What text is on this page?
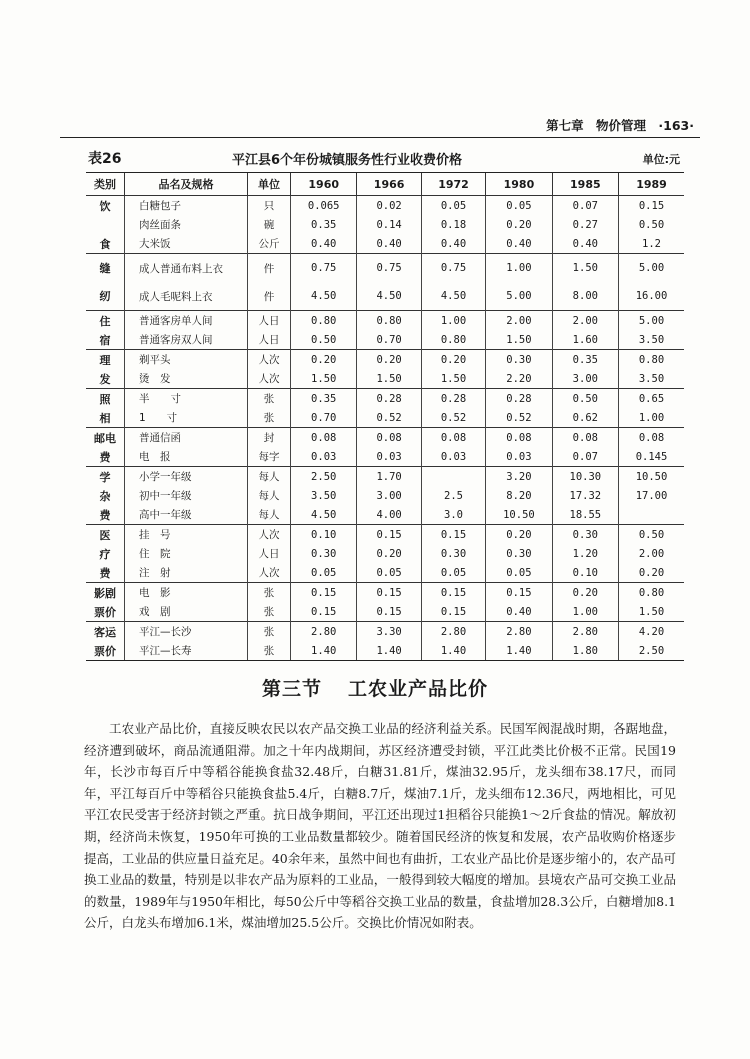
第七章 物价管理 ·163·
表26	平江县6个年份城镇服务性行业收费价格	单位:元
类别	品名及规格	单位	1960	1966	1972	1980	1985	1989
饮	白糖包子	只	0.065	0.02	0.05	0.05	0.07	0.15
	肉丝面条	碗	0.35	0.14	0.18	0.20	0.27	0.50
食	大米饭	公斤	0.40	0.40	0.40	0.40	0.40	1.2
缝	成人普通布料上衣	件	0.75	0.75	0.75	1.00	1.50	5.00
纫	成人毛呢料上衣	件	4.50	4.50	4.50	5.00	8.00	16.00
住	普通客房单人间	人日	0.80	0.80	1.00	2.00	2.00	5.00
宿	普通客房双人间	人日	0.50	0.70	0.80	1.50	1.60	3.50
理	剃平头	人次	0.20	0.20	0.20	0.30	0.35	0.80
发	烫　发	人次	1.50	1.50	1.50	2.20	3.00	3.50
照	半　　寸	张	0.35	0.28	0.28	0.28	0.50	0.65
相	1　　寸	张	0.70	0.52	0.52	0.52	0.62	1.00
邮电	普通信函	封	0.08	0.08	0.08	0.08	0.08	0.08
费	电　报	每字	0.03	0.03	0.03	0.03	0.07	0.145
学	小学一年级	每人	2.50	1.70		3.20	10.30	10.50
杂	初中一年级	每人	3.50	3.00	2.5	8.20	17.32	17.00
费	高中一年级	每人	4.50	4.00	3.0	10.50	18.55	
医	挂　号	人次	0.10	0.15	0.15	0.20	0.30	0.50
疗	住　院	人日	0.30	0.20	0.30	0.30	1.20	2.00
费	注　射	人次	0.05	0.05	0.05	0.05	0.10	0.20
影剧	电　影	张	0.15	0.15	0.15	0.15	0.20	0.80
票价	戏　剧	张	0.15	0.15	0.15	0.40	1.00	1.50
客运	平江—长沙	张	2.80	3.30	2.80	2.80	2.80	4.20
票价	平江—长寿	张	1.40	1.40	1.40	1.40	1.80	2.50
第三节 工农业产品比价

工农业产品比价，直接反映农民以农产品交换工业品的经济利益关系。民国军阀混战时期，各踞地盘，经济遭到破坏，商品流通阻滞。加之十年内战期间，苏区经济遭受封锁，平江此类比价极不正常。民国19年，长沙市每百斤中等稻谷能换食盐32.48斤，白糖31.81斤，煤油32.95斤，龙头细布38.17尺，而同年，平江每百斤中等稻谷只能换食盐5.4斤，白糖8.7斤，煤油7.1斤，龙头细布12.36尺，两地相比，可见平江农民受害于经济封锁之严重。抗日战争期间，平江还出现过1担稻谷只能换1～2斤食盐的情况。解放初期，经济尚未恢复，1950年可换的工业品数量都较少。随着国民经济的恢复和发展，农产品收购价格逐步提高，工业品的供应量日益充足。40余年来，虽然中间也有曲折，工农业产品比价是逐步缩小的，农产品可换工业品的数量，特别是以非农产品为原料的工业品，一般得到较大幅度的增加。县境农产品可交换工业品的数量，1989年与1950年相比，每50公斤中等稻谷交换工业品的数量，食盐增加28.3公斤，白糖增加8.1公斤，白龙头布增加6.1米，煤油增加25.5公斤。交换比价情况如附表。
